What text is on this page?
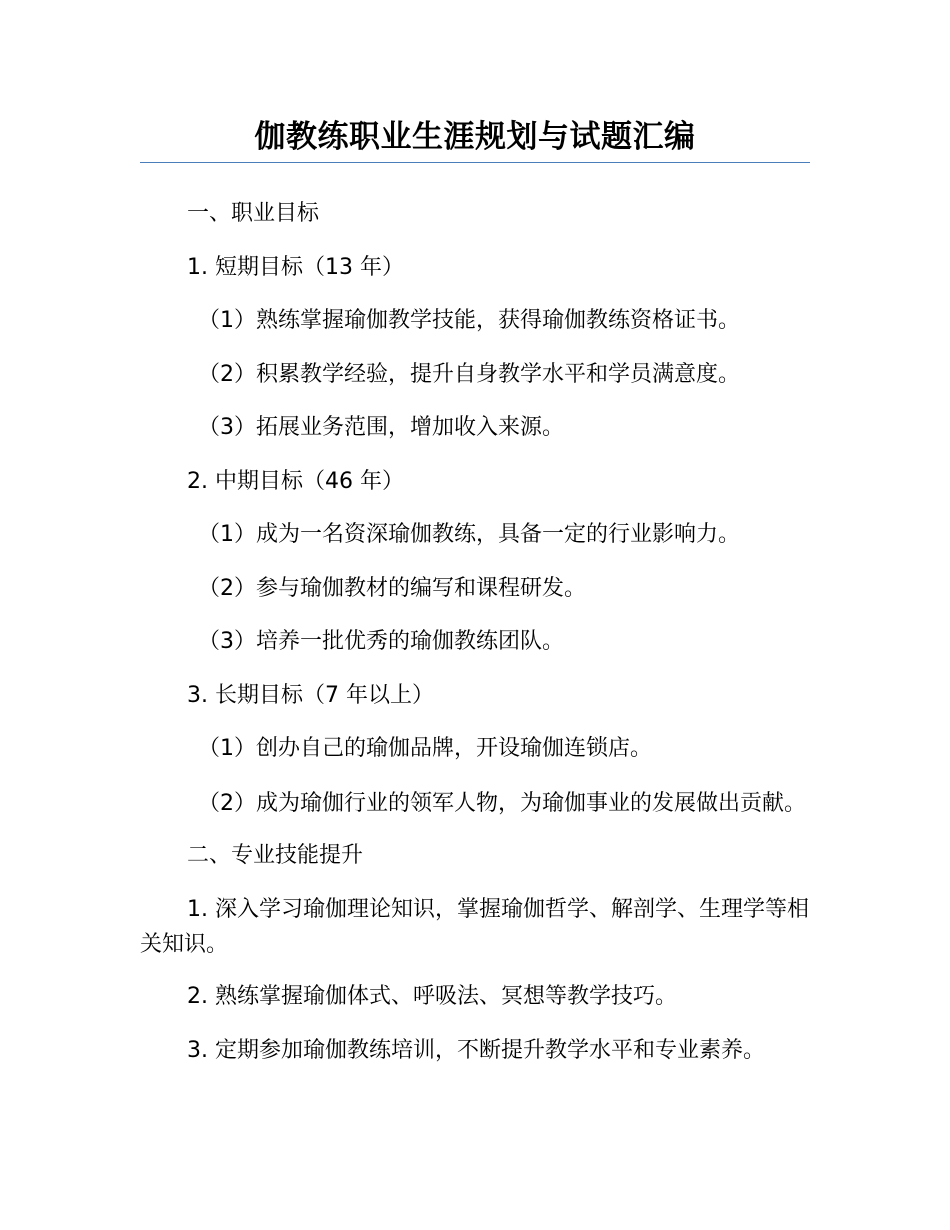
伽教练职业生涯规划与试题汇编

一、职业目标

1. 短期目标（13 年）

（1）熟练掌握瑜伽教学技能，获得瑜伽教练资格证书。

（2）积累教学经验，提升自身教学水平和学员满意度。

（3）拓展业务范围，增加收入来源。

2. 中期目标（46 年）

（1）成为一名资深瑜伽教练，具备一定的行业影响力。

（2）参与瑜伽教材的编写和课程研发。

（3）培养一批优秀的瑜伽教练团队。

3. 长期目标（7 年以上）

（1）创办自己的瑜伽品牌，开设瑜伽连锁店。

（2）成为瑜伽行业的领军人物，为瑜伽事业的发展做出贡献。

二、专业技能提升

1. 深入学习瑜伽理论知识，掌握瑜伽哲学、解剖学、生理学等相关知识。

2. 熟练掌握瑜伽体式、呼吸法、冥想等教学技巧。

3. 定期参加瑜伽教练培训，不断提升教学水平和专业素养。
